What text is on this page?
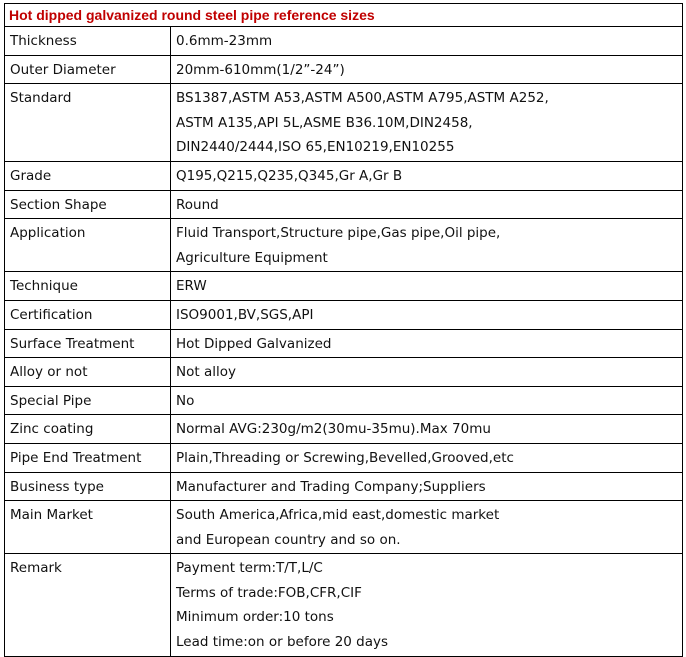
Hot dipped galvanized round steel pipe reference sizes
Thickness	0.6mm-23mm

Outer Diameter	20mm-610mm(1/2”-24”)

Standard	BS1387,ASTM A53,ASTM A500,ASTM A795,ASTM A252,
ASTM A135,API 5L,ASME B36.10M,DIN2458,
DIN2440/2444,ISO 65,EN10219,EN10255

Grade	Q195,Q215,Q235,Q345,Gr A,Gr B

Section Shape	Round

Application	Fluid Transport,Structure pipe,Gas pipe,Oil pipe,
Agriculture Equipment

Technique	ERW

Certification	ISO9001,BV,SGS,API

Surface Treatment	Hot Dipped Galvanized

Alloy or not	Not alloy

Special Pipe	No

Zinc coating	Normal AVG:230g/m2(30mu-35mu).Max 70mu

Pipe End Treatment	Plain,Threading or Screwing,Bevelled,Grooved,etc

Business type	Manufacturer and Trading Company;Suppliers

Main Market	South America,Africa,mid east,domestic market
and European country and so on.

Remark	Payment term:T/T,L/C
Terms of trade:FOB,CFR,CIF
Minimum order:10 tons
Lead time:on or before 20 days
